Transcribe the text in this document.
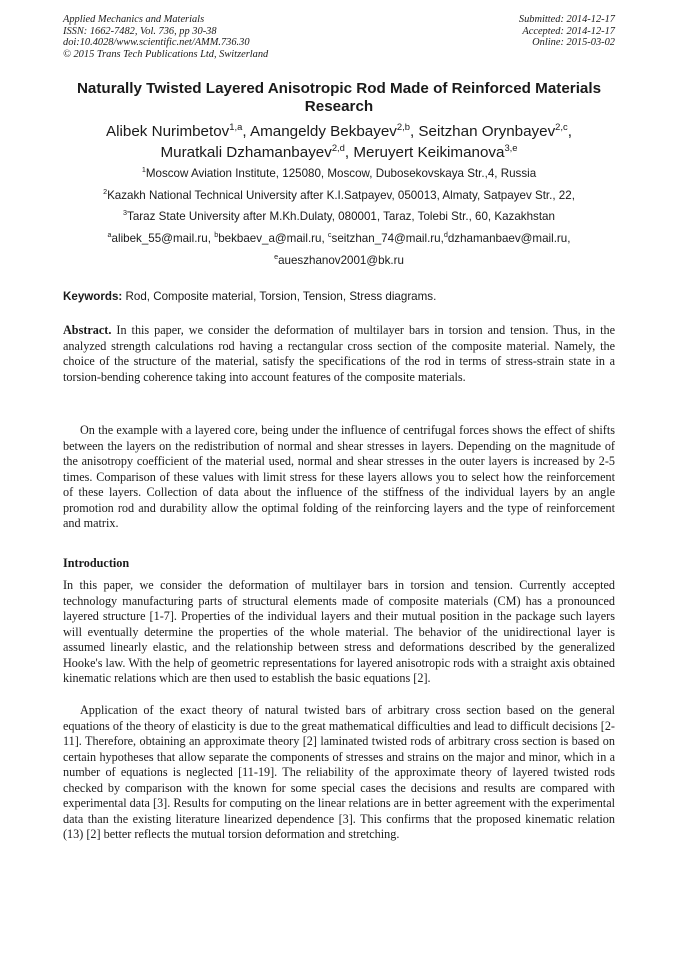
Applied Mechanics and Materials
ISSN: 1662-7482, Vol. 736, pp 30-38
doi:10.4028/www.scientific.net/AMM.736.30
© 2015 Trans Tech Publications Ltd, Switzerland
Submitted: 2014-12-17
Accepted: 2014-12-17
Online: 2015-03-02
Naturally Twisted Layered Anisotropic Rod Made of Reinforced Materials Research
Alibek Nurimbetov$^{1,a}$, Amangeldy Bekbayev$^{2,b}$, Seitzhan Orynbayev$^{2,c}$,
Muratkali Dzhamanbayev$^{2,d}$, Meruyert Keikimanova$^{3,e}$
$^1$Moscow Aviation Institute, 125080, Moscow, Dubosekovskaya Str.,4, Russia
$^2$Kazakh National Technical University after K.I.Satpayev, 050013, Almaty, Satpayev Str., 22,
$^3$Taraz State University after M.Kh.Dulaty, 080001, Taraz, Tolebi Str., 60, Kazakhstan
$^a$alibek_55@mail.ru, $^b$bekbaev_a@mail.ru, $^c$seitzhan_74@mail.ru,$^d$dzhamanbaev@mail.ru,
$^e$aueszhanov2001@bk.ru
Keywords: Rod, Composite material, Torsion, Tension, Stress diagrams.
Abstract. In this paper, we consider the deformation of multilayer bars in torsion and tension. Thus, in the analyzed strength calculations rod having a rectangular cross section of the composite material. Namely, the choice of the structure of the material, satisfy the specifications of the rod in terms of stress-strain state in a torsion-bending coherence taking into account features of the composite materials.
On the example with a layered core, being under the influence of centrifugal forces shows the effect of shifts between the layers on the redistribution of normal and shear stresses in layers. Depending on the magnitude of the anisotropy coefficient of the material used, normal and shear stresses in the outer layers is increased by 2-5 times. Comparison of these values with limit stress for these layers allows you to select how the reinforcement of these layers. Collection of data about the influence of the stiffness of the individual layers by an angle promotion rod and durability allow the optimal folding of the reinforcing layers and the type of reinforcement and matrix.
Introduction
In this paper, we consider the deformation of multilayer bars in torsion and tension. Currently accepted technology manufacturing parts of structural elements made of composite materials (CM) has a pronounced layered structure [1-7]. Properties of the individual layers and their mutual position in the package such layers will eventually determine the properties of the whole material. The behavior of the unidirectional layer is assumed linearly elastic, and the relationship between stress and deformations described by the generalized Hooke's law. With the help of geometric representations for layered anisotropic rods with a straight axis obtained kinematic relations which are then used to establish the basic equations [2].
Application of the exact theory of natural twisted bars of arbitrary cross section based on the general equations of the theory of elasticity is due to the great mathematical difficulties and lead to difficult decisions [2-11]. Therefore, obtaining an approximate theory [2] laminated twisted rods of arbitrary cross section is based on certain hypotheses that allow separate the components of stresses and strains on the major and minor, which in a number of equations is neglected [11-19]. The reliability of the approximate theory of layered twisted rods checked by comparison with the known for some special cases the decisions and results are compared with experimental data [3]. Results for computing on the linear relations are in better agreement with the experimental data than the existing literature linearized dependence [3]. This confirms that the proposed kinematic relation (13) [2] better reflects the mutual torsion deformation and stretching.
